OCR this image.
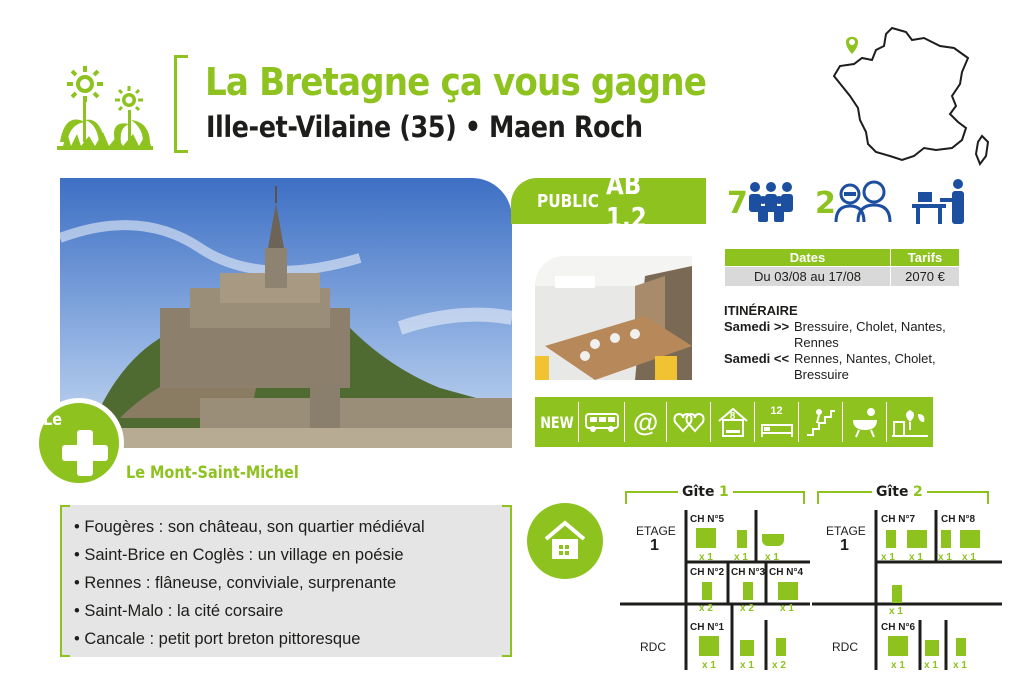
La Bretagne ça vous gagne
Ille-et-Vilaine (35) • Maen Roch
PUBLIC AB 1.2	7 2
Dates	Tarifs
Du 03/08 au 17/08	2070 €
ITINÉRAIRE
Samedi >> Bressuire, Cholet, Nantes, Rennes
Samedi << Rennes, Nantes, Cholet, Bressuire
NEW @	8	12
Le
Le Mont-Saint-Michel
• Fougères : son château, son quartier médiéval
• Saint-Brice en Coglès : un village en poésie
• Rennes : flâneuse, conviviale, surprenante
• Saint-Malo : la cité corsaire
• Cancale : petit port breton pittoresque
Gîte 1
ETAGE
1
RDC
CH N°5
x 1 x 1 x 1
CH N°2
x 2
CH N°3
x 2
CH N°4
x 1
CH N°1
x 1 x 1 x 2
Gîte 2
ETAGE
1
RDC
CH N°7
x 1 x 1
CH N°8
x 1 x 1
x 1
CH N°6
x 1 x 1 x 1
